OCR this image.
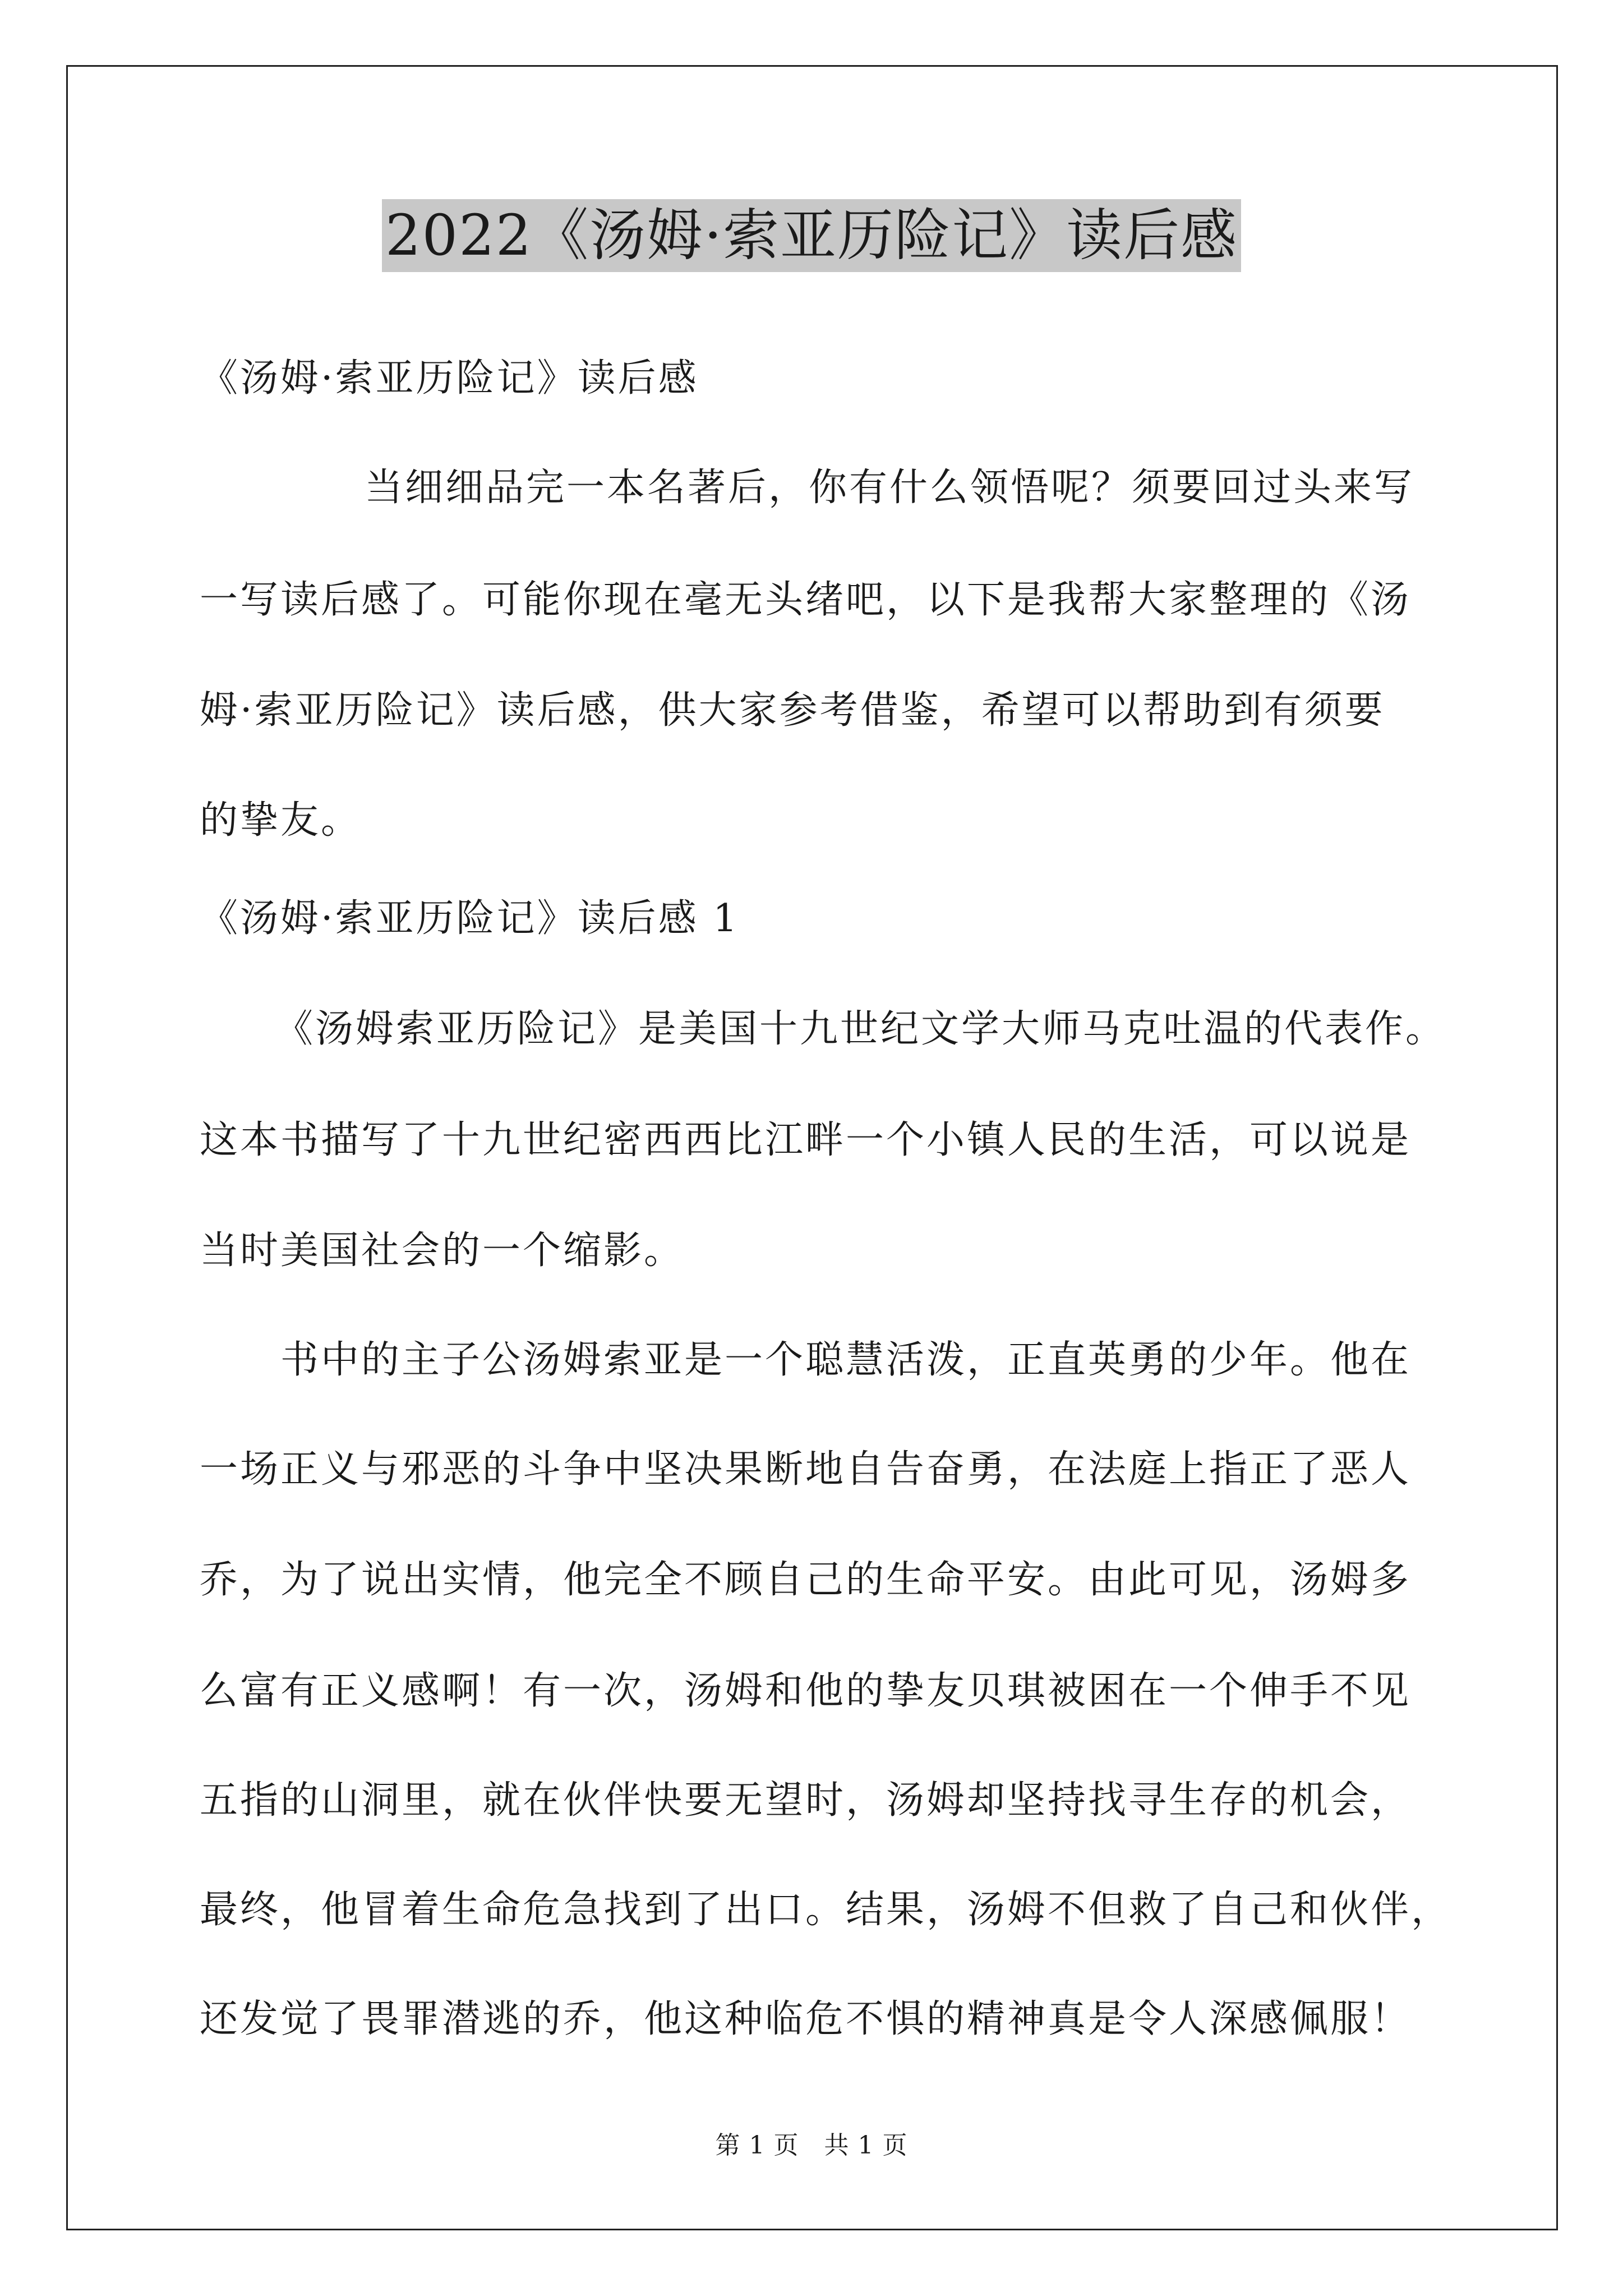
2022《汤姆·索亚历险记》读后感
《汤姆·索亚历险记》读后感
当细细品完一本名著后，你有什么领悟呢？须要回过头来写
一写读后感了。可能你现在毫无头绪吧，以下是我帮大家整理的《汤
姆·索亚历险记》读后感，供大家参考借鉴，希望可以帮助到有须要
的挚友。
《汤姆·索亚历险记》读后感 1
《汤姆索亚历险记》是美国十九世纪文学大师马克吐温的代表作。
这本书描写了十九世纪密西西比江畔一个小镇人民的生活，可以说是
当时美国社会的一个缩影。
书中的主子公汤姆索亚是一个聪慧活泼，正直英勇的少年。他在
一场正义与邪恶的斗争中坚决果断地自告奋勇，在法庭上指正了恶人
乔，为了说出实情，他完全不顾自己的生命平安。由此可见，汤姆多
么富有正义感啊！有一次，汤姆和他的挚友贝琪被困在一个伸手不见
五指的山洞里，就在伙伴快要无望时，汤姆却坚持找寻生存的机会，
最终，他冒着生命危急找到了出口。结果，汤姆不但救了自己和伙伴，
还发觉了畏罪潜逃的乔，他这种临危不惧的精神真是令人深感佩服！
第 1 页　共 1 页
